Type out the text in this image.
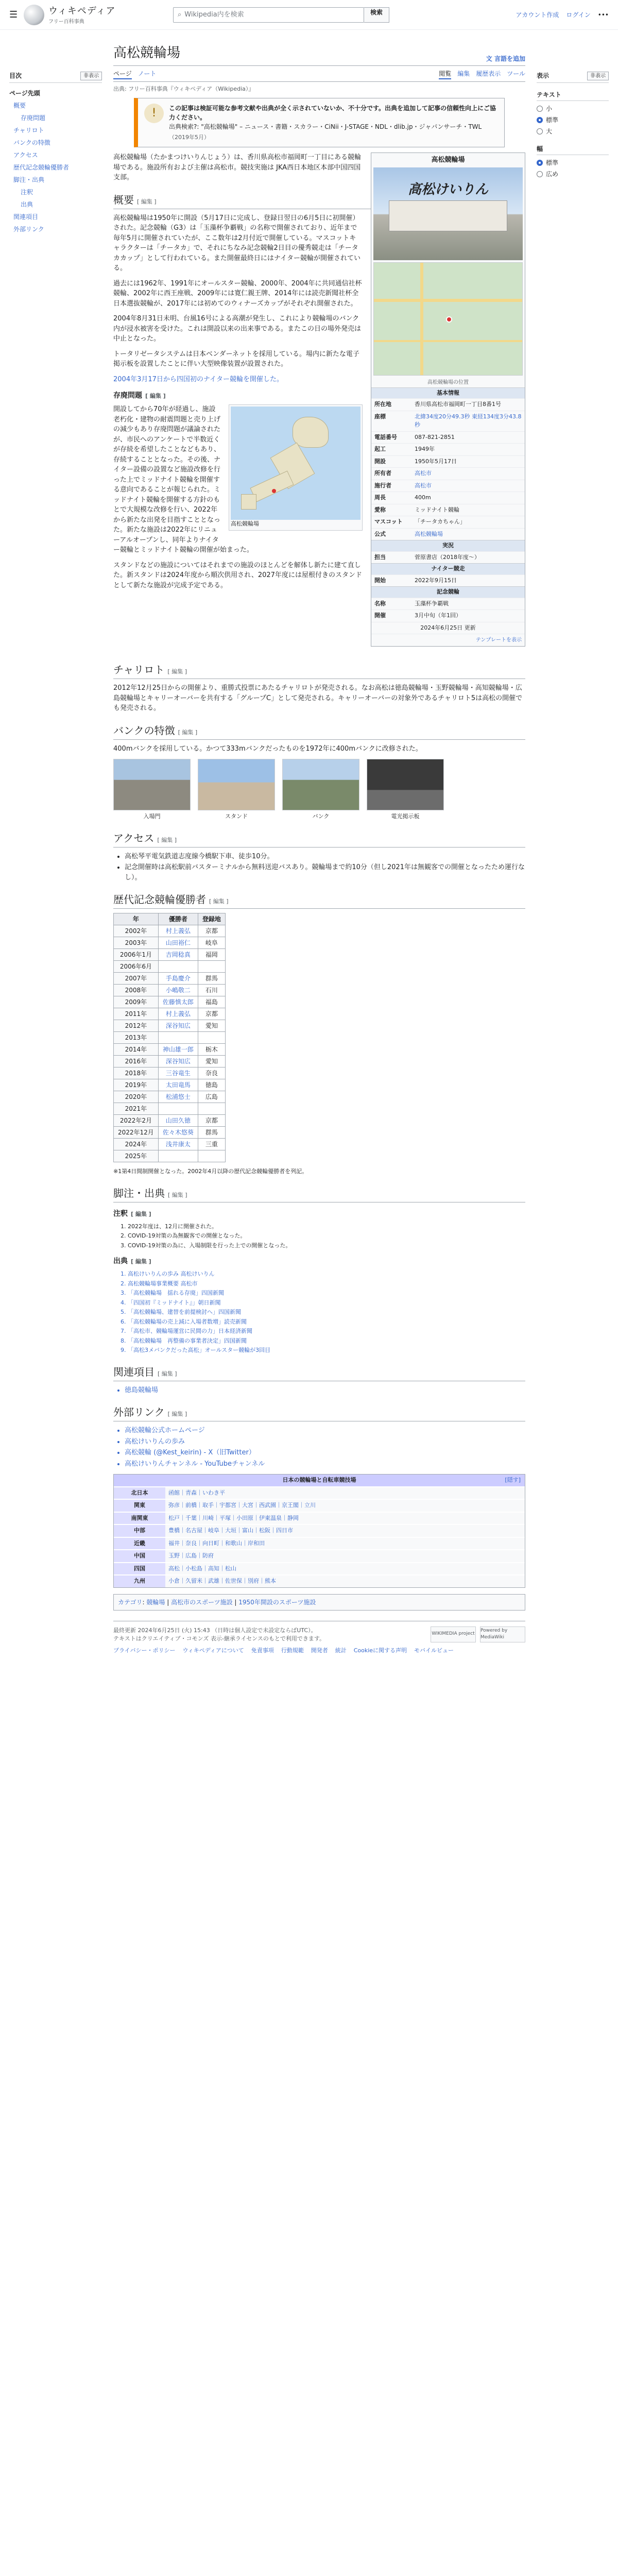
☰	ウィキペディア
フリー百科事典
⌕ Wikipedia内を検索	検索	アカウント作成 ログイン •••
目次	非表示
ページ先頭
概要
存廃問題
チャリロト
バンクの特徴
アクセス
歴代記念競輪優勝者
脚注・出典
注釈
出典
関連項目
外部リンク
高松競輪場	文 言語を追加
ページ ノート	閲覧 編集 履歴表示 ツール
出典: フリー百科事典『ウィキペディア（Wikipedia）』
!	この記事は検証可能な参考文献や出典が全く示されていないか、不十分です。出典を追加して記事の信頼性向上にご協力ください。
出典検索?: "高松競輪場" – ニュース・書籍・スカラー・CiNii・J-STAGE・NDL・dlib.jp・ジャパンサーチ・TWL
（2019年5月）
高松競輪場
高松けいりん
高松競輪場の位置
基本情報
所在地	香川県高松市福岡町一丁目8番1号
座標	北緯34度20分49.3秒 東経134度3分43.8秒
電話番号	087-821-2851
起工	1949年
開設	1950年5月17日
所有者	高松市
施行者	高松市
周長	400m
愛称	ミッドナイト競輪
マスコット	「チータカちゃん」
公式	高松競輪場
実況
担当	菅原書店（2018年度～）
ナイター競走
開始	2022年9月15日
記念競輪
名称	玉藻杯争覇戦
開催	3月中旬（年1回）
2024年6月25日 更新
テンプレートを表示

高松競輪場（たかまつけいりんじょう）は、香川県高松市福岡町一丁目にある競輪場である。施設所有および主催は高松市。競技実施は JKA西日本地区本部中国四国支部。

概要 [ 編集 ]

高松競輪場は1950年に開設（5月17日に完成し、登録日翌日の6月5日に初開催）された。記念競輪（G3）は「玉藻杯争覇戦」の名称で開催されており、近年まで毎年5月に開催されていたが、ここ数年は2月付近で開催している。マスコットキャラクターは「チータカ」で、それにちなみ記念競輪2日目の優秀競走は「チータカカップ」として行われている。また開催最終日にはナイター競輪が開催されている。

過去には1962年、1991年にオールスター競輪、2000年、2004年に共同通信社杯競輪、2002年に西王座戦、2009年には寛仁親王牌、2014年には読売新聞社杯全日本選抜競輪が、2017年には初めてのウィナーズカップがそれぞれ開催された。

2004年8月31日未明、台風16号による高潮が発生し、これにより競輪場のバンク内が浸水被害を受けた。これは開設以来の出来事である。またこの日の場外発売は中止となった。

トータリゼータシステムは日本ベンダーネットを採用している。場内に新たな電子掲示板を設置したことに伴い大型映像装置が設置された。

2004年3月17日から四国初のナイター競輪を開催した。

存廃問題 [ 編集 ]
高松競輪場

開設してから70年が経過し、施設老朽化・建物の耐震問題と売り上げの減少もあり存廃問題が議論されたが、市民へのアンケートで半数近くが存続を希望したことなどもあり、存続することとなった。その後、ナイター設備の設置など施設改修を行った上でミッドナイト競輪を開催する意向であることが報じられた。ミッドナイト競輪を開催する方針のもとで大規模な改修を行い、2022年から新たな出発を目指すこととなった。新たな施設は2022年にリニューアルオープンし、同年よりナイター競輪とミッドナイト競輪の開催が始まった。

スタンドなどの施設についてはそれまでの施設のほとんどを解体し新たに建て直した。新スタンドは2024年度から順次供用され、2027年度には屋根付きのスタンドとして新たな施設が完成予定である。

チャリロト [ 編集 ]

2012年12月25日からの開催より、重勝式投票にあたるチャリロトが発売される。なお高松は徳島競輪場・玉野競輪場・高知競輪場・広島競輪場とキャリーオーバーを共有する「グループC」として発売される。キャリーオーバーの対象外であるチャリロト5は高松の開催でも発売される。

バンクの特徴 [ 編集 ]

400mバンクを採用している。かつて333mバンクだったものを1972年に400mバンクに改修された。

入場門	スタンド	バンク	電光掲示板
アクセス [ 編集 ]
• 高松琴平電気鉄道志度線今橋駅下車、徒歩10分。
• 記念開催時は高松駅前バスターミナルから無料送迎バスあり。競輪場まで約10分（但し2021年は無観客での開催となったため運行なし）。
歴代記念競輪優勝者 [ 編集 ]
年	優勝者	登録地
2002年	村上義弘	京都
2003年	山田裕仁	岐阜
2006年1月	吉岡稔真	福岡
2006年6月		
2007年	手島慶介	群馬
2008年	小嶋敬二	石川
2009年	佐藤慎太郎	福島
2011年	村上義弘	京都
2012年	深谷知広	愛知
2013年		
2014年	神山雄一郎	栃木
2016年	深谷知広	愛知
2018年	三谷竜生	奈良
2019年	太田竜馬	徳島
2020年	松浦悠士	広島
2021年		
2022年2月	山田久徳	京都
2022年12月	佐々木悠葵	群馬
2024年	浅井康太	三重
2025年		

※1第4日間制開催となった。2002年4月以降の歴代記念競輪優勝者を列記。

脚注・出典 [ 編集 ]
注釈 [ 編集 ]
1. 2022年度は、12月に開催された。
2. COVID-19対策の為無観客での開催となった。
3. COVID-19対策の為に、入場制限を行った上での開催となった。
出典 [ 編集 ]
1. 高松けいりんの歩み 高松けいりん
2. 高松競輪場事業概要 高松市
3. 「高松競輪場　揺れる存廃」四国新聞
4. 「四国初『ミッドナイト』」朝日新聞
5. 「高松競輪場、建替を前提検討へ」四国新聞
6. 「高松競輪場の売上減に入場者数増」読売新聞
7. 「高松市、競輪場運営に民間の力」日本経済新聞
8. 「高松競輪場　再整備の事業者決定」四国新聞
9. 「高松3メバンクだった高松」オールスター競輪が3回目
関連項目 [ 編集 ]
• 徳島競輪場
外部リンク [ 編集 ]
• 高松競輪公式ホームページ
• 高松けいりんの歩み
• 高松競輪 (@Kest_keirin) - X（旧Twitter）
• 高松けいりんチャンネル - YouTubeチャンネル
日本の競輪場と自転車競技場	[隠す]
北日本	函館｜青森｜いわき平
関東	弥彦｜前橋｜取手｜宇都宮｜大宮｜西武園｜京王閣｜立川
南関東	松戸｜千葉｜川崎｜平塚｜小田原｜伊東温泉｜静岡
中部	豊橋｜名古屋｜岐阜｜大垣｜富山｜松阪｜四日市
近畿	福井｜奈良｜向日町｜和歌山｜岸和田
中国	玉野｜広島｜防府
四国	高松｜小松島｜高知｜松山
九州	小倉｜久留米｜武雄｜佐世保｜別府｜熊本
カテゴリ: 競輪場 | 高松市のスポーツ施設 | 1950年開設のスポーツ施設
最終更新 2024年6月25日 (火) 15:43 （日時は個人設定で未設定ならばUTC）。
テキストはクリエイティブ・コモンズ 表示-継承ライセンスのもとで利用できます。
プライバシー・ポリシー ウィキペディアについて 免責事項 行動規範 開発者 統計 Cookieに関する声明 モバイルビュー
WIKIMEDIA project
Powered by MediaWiki
表示	非表示
テキスト
小
標準
大
幅
標準
広め
